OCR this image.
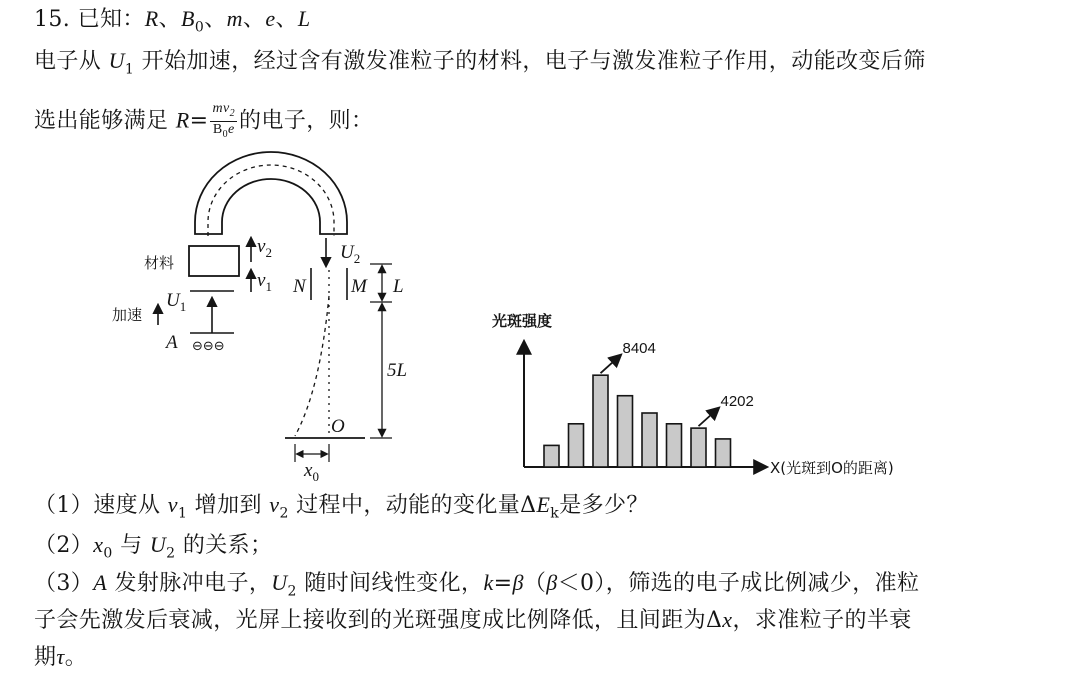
15. 已知：R、$B_0$、m、e、L
电子从 $U_1$ 开始加速，经过含有激发准粒子的材料，电子与激发准粒子作用，动能改变后筛
选出能够满足 $R= \frac{mv_2}{B_0e}$ 的电子，则：
材料
$v_2$
$v_1$
$U_1$
加速
A ⊖⊖⊖
$U_2$
N M L
5L
O
$x_0$
光斑强度
X(光斑到O的距离)
8404
4202
（1）速度从 $v_1$ 增加到 $v_2$ 过程中，动能的变化量$\Delta E_k$是多少？
$(2)x_0$ 与 $U_2$ 的关系；
（3）A 发射脉冲电子，$U_2$ 随时间线性变化，k=β（β＜0），筛选的电子成比例减少，准粒
子会先激发后衰减，光屏上接收到的光斑强度成比例降低，且间距为Δx，求准粒子的半衰
期τ。
